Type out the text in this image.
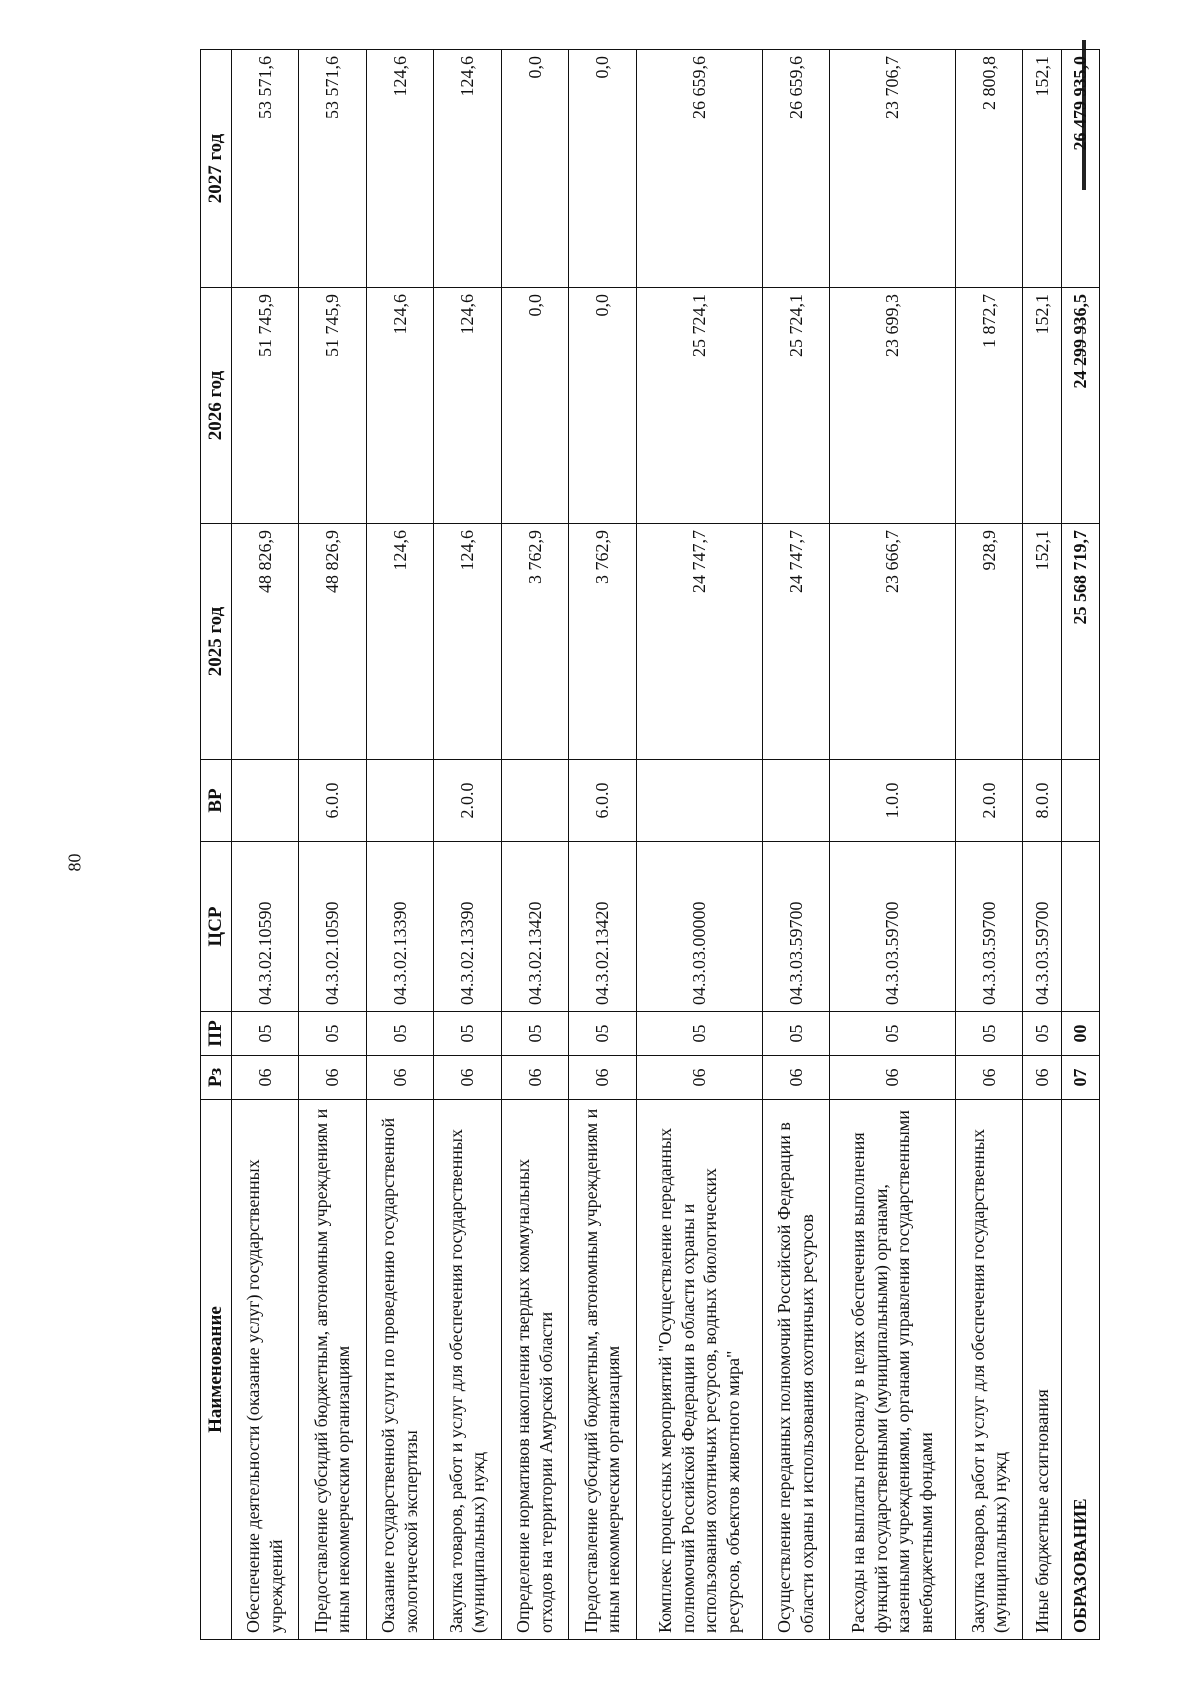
80
Наименование	Рз	ПР	ЦСР	ВР	2025 год	2026 год	2027 год
Обеспечение деятельности (оказание услуг) государственных учреждений	06	05	04.3.02.10590		48 826,9	51 745,9	53 571,6
Предоставление субсидий бюджетным, автономным учреждениям и иным некоммерческим организациям	06	05	04.3.02.10590	6.0.0	48 826,9	51 745,9	53 571,6
Оказание государственной услуги по проведению государственной экологической экспертизы	06	05	04.3.02.13390		124,6	124,6	124,6
Закупка товаров, работ и услуг для обеспечения государственных (муниципальных) нужд	06	05	04.3.02.13390	2.0.0	124,6	124,6	124,6
Определение нормативов накопления твердых коммунальных отходов на территории Амурской области	06	05	04.3.02.13420		3 762,9	0,0	0,0
Предоставление субсидий бюджетным, автономным учреждениям и иным некоммерческим организациям	06	05	04.3.02.13420	6.0.0	3 762,9	0,0	0,0
Комплекс процессных мероприятий "Осуществление переданных полномочий Российской Федерации в области охраны и использования охотничьих ресурсов, водных биологических ресурсов, объектов животного мира"	06	05	04.3.03.00000		24 747,7	25 724,1	26 659,6
Осуществление переданных полномочий Российской Федерации в области охраны и использования охотничьих ресурсов	06	05	04.3.03.59700		24 747,7	25 724,1	26 659,6
Расходы на выплаты персоналу в целях обеспечения выполнения функций государственными (муниципальными) органами, казенными учреждениями, органами управления государственными внебюджетными фондами	06	05	04.3.03.59700	1.0.0	23 666,7	23 699,3	23 706,7
Закупка товаров, работ и услуг для обеспечения государственных (муниципальных) нужд	06	05	04.3.03.59700	2.0.0	928,9	1 872,7	2 800,8
Иные бюджетные ассигнования	06	05	04.3.03.59700	8.0.0	152,1	152,1	152,1
ОБРАЗОВАНИЕ	07	00			25 568 719,7	24 299 936,5	26 479 935,0
